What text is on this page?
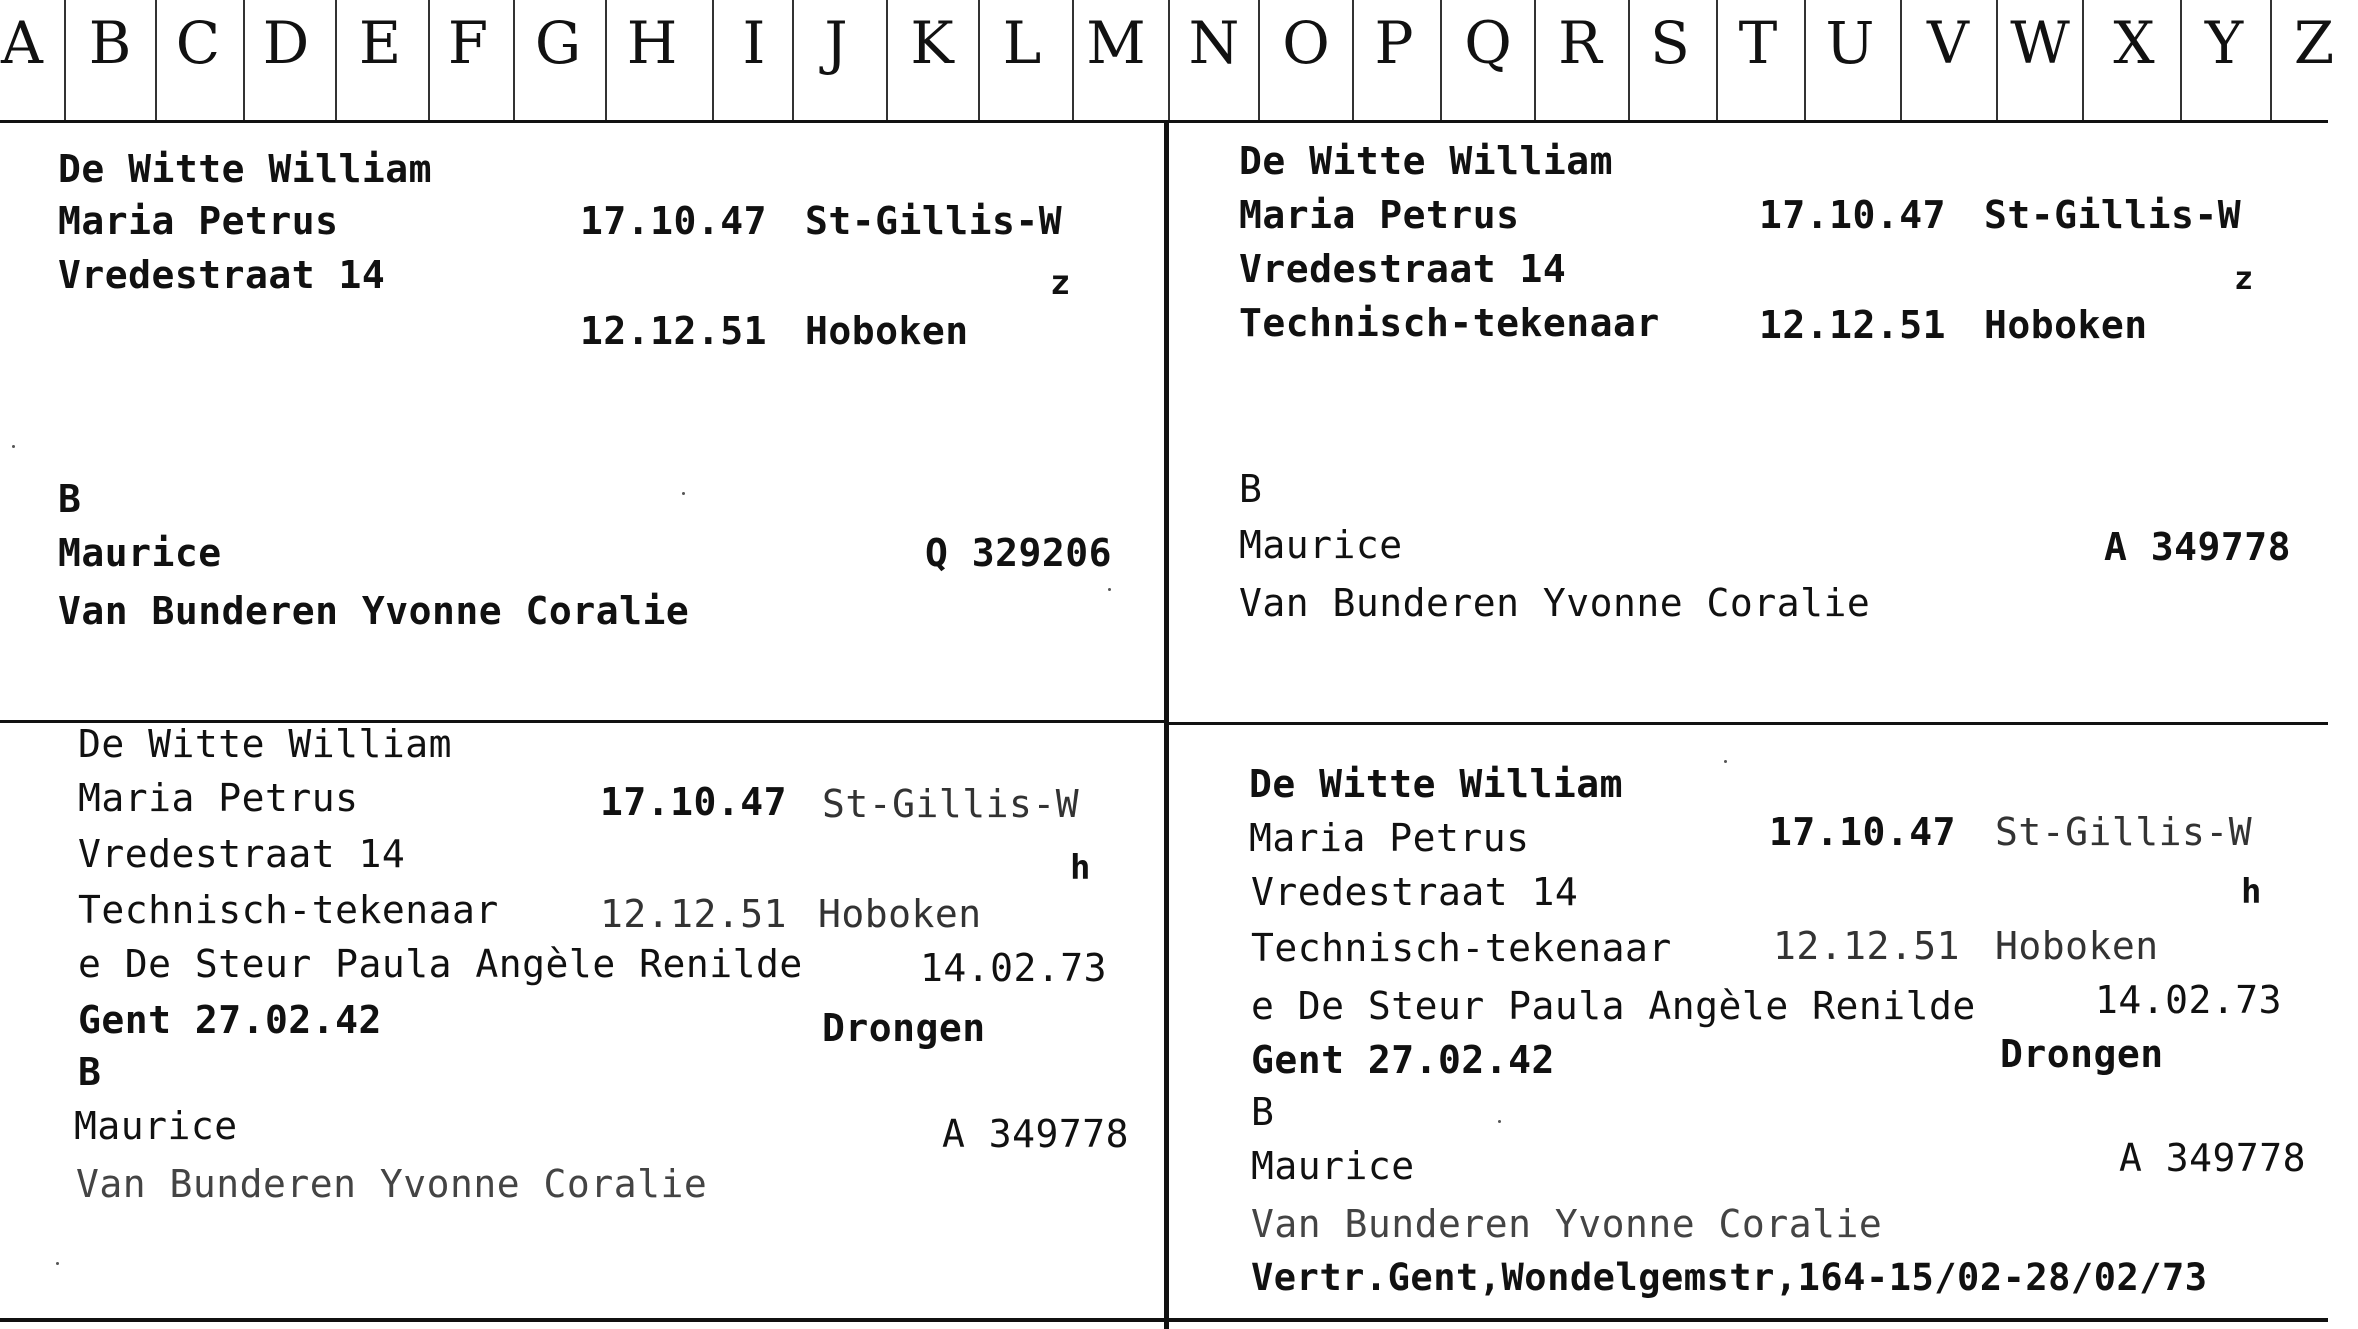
A B C D E F G H	I	J	K L M N O P Q R S T U V W X Y Z
De Witte William
Maria Petrus	17.10.47 St-Gillis-W
Vredestraat 14	z
12.12.51 Hoboken
B
Maurice	Q 329206
Van Bunderen Yvonne Coralie
De Witte William
Maria Petrus	17.10.47 St-Gillis-W
Vredestraat 14	z
Technisch-tekenaar	12.12.51 Hoboken
B
Maurice	A 349778
Van Bunderen Yvonne Coralie
De Witte William
Maria Petrus	17.10.47 St-Gillis-W
Vredestraat 14	h
Technisch-tekenaar	12.12.51 Hoboken
e De Steur Paula Angèle Renilde	14.02.73
Gent 27.02.42	Drongen
B
Maurice	A 349778
Van Bunderen Yvonne Coralie
De Witte William
Maria Petrus	17.10.47 St-Gillis-W
Vredestraat 14	h
Technisch-tekenaar	12.12.51 Hoboken
e De Steur Paula Angèle Renilde	14.02.73
Gent 27.02.42	Drongen
B
Maurice	A 349778
Van Bunderen Yvonne Coralie
Vertr.Gent,Wondelgemstr,164-15/02-28/02/73
